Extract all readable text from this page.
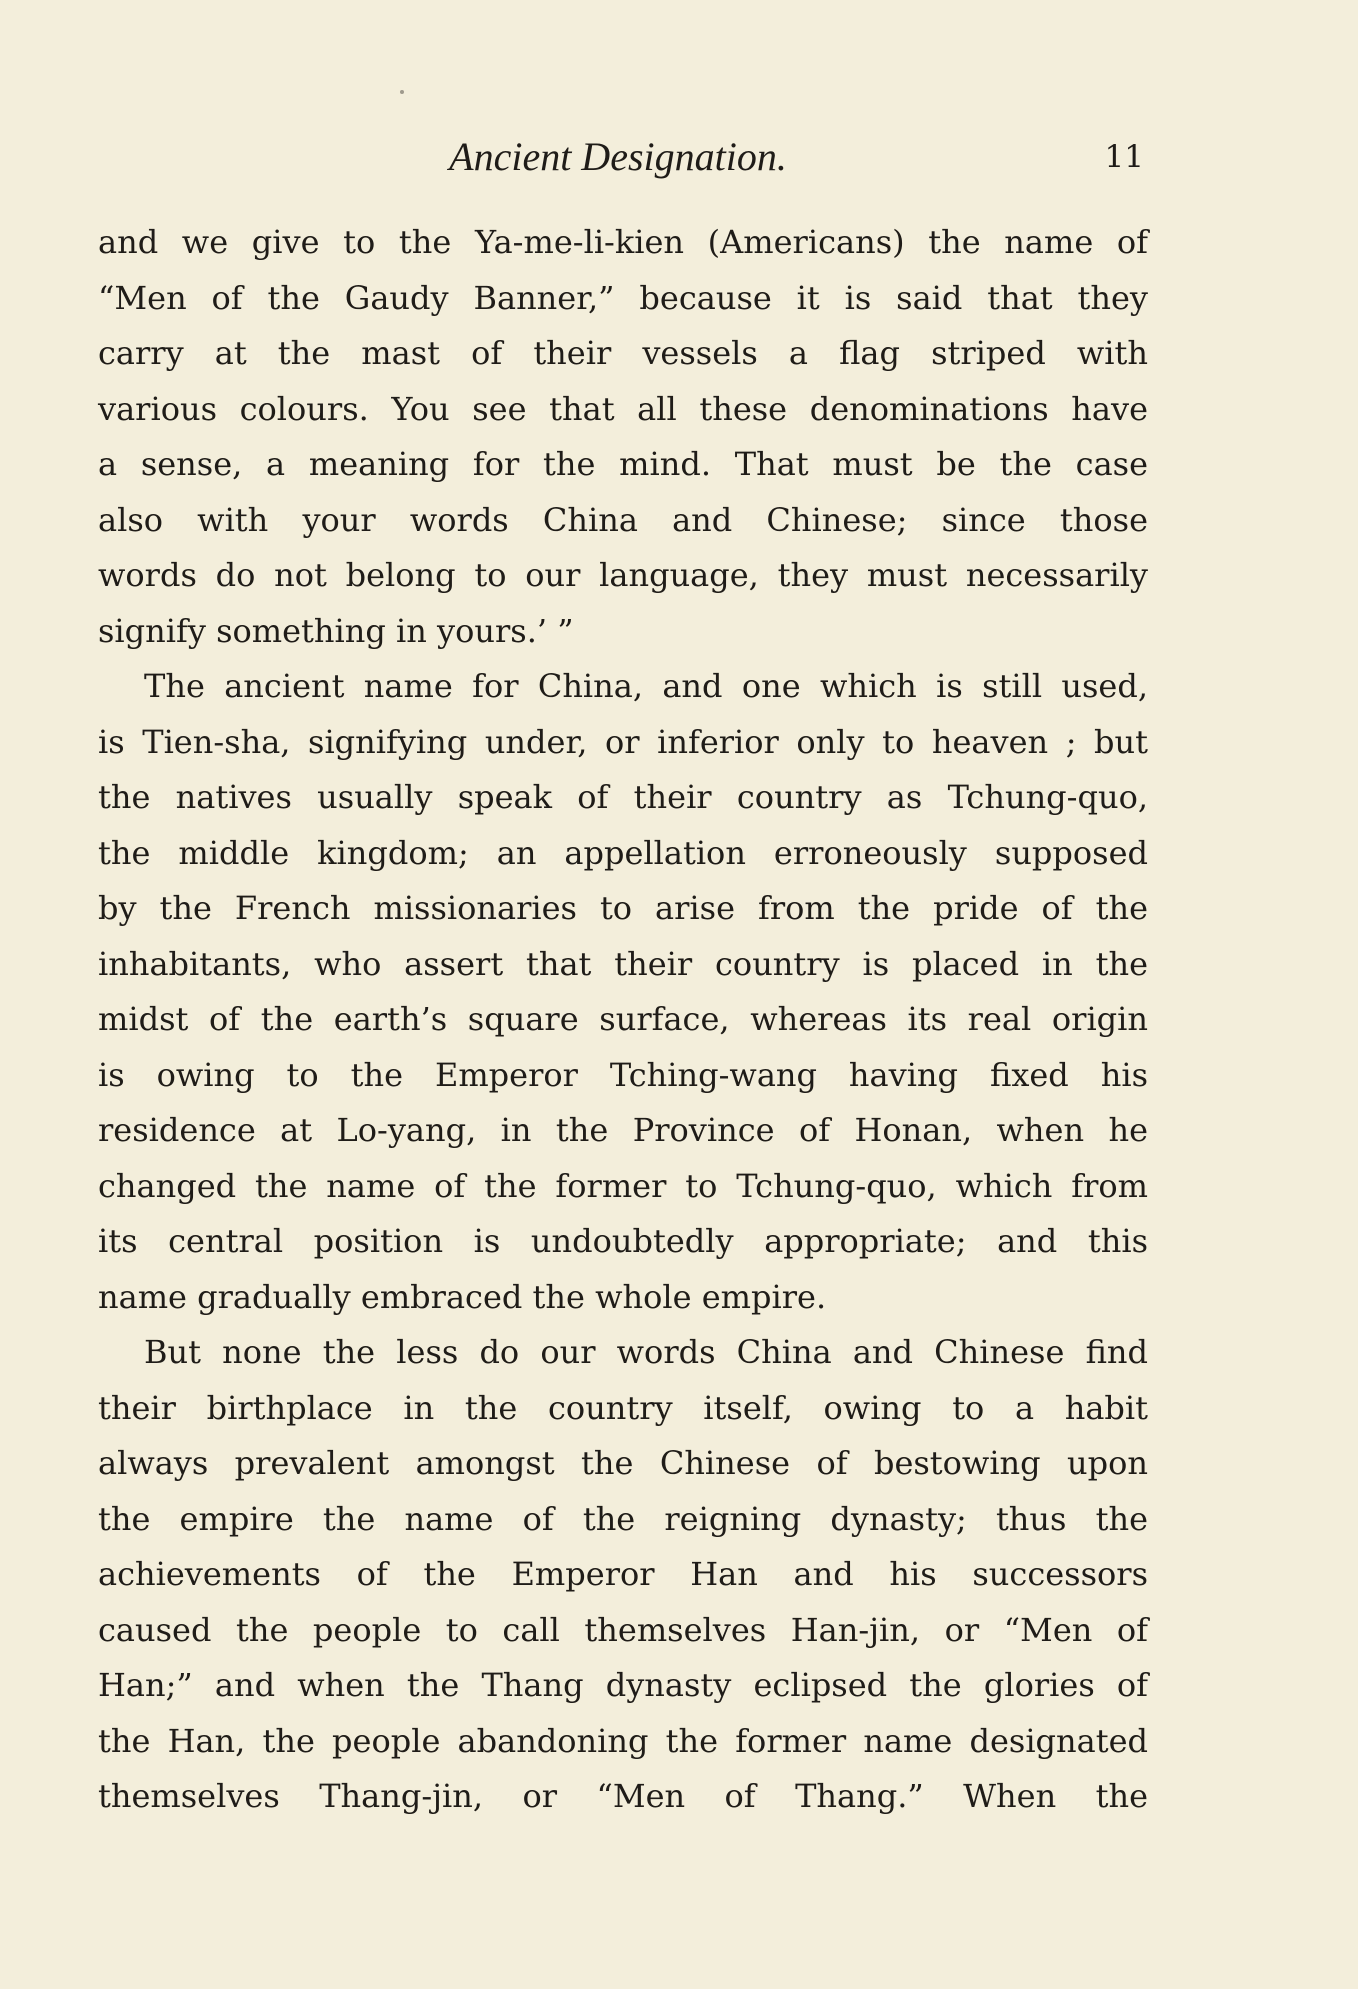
Ancient Designation.	11
and we give to the Ya-me-li-kien (Americans) the name of
“Men of the Gaudy Banner,” because it is said that they
carry at the mast of their vessels a flag striped with
various colours. You see that all these denominations have
a sense, a meaning for the mind. That must be the case
also with your words China and Chinese; since those
words do not belong to our language, they must necessarily
signify something in yours.’ ”
The ancient name for China, and one which is still used,
is Tien-sha, signifying under, or inferior only to heaven ; but
the natives usually speak of their country as Tchung-quo,
the middle kingdom; an appellation erroneously supposed
by the French missionaries to arise from the pride of the
inhabitants, who assert that their country is placed in the
midst of the earth’s square surface, whereas its real origin
is owing to the Emperor Tching-wang having fixed his
residence at Lo-yang, in the Province of Honan, when he
changed the name of the former to Tchung-quo, which from
its central position is undoubtedly appropriate; and this
name gradually embraced the whole empire.
But none the less do our words China and Chinese find
their birthplace in the country itself, owing to a habit
always prevalent amongst the Chinese of bestowing upon
the empire the name of the reigning dynasty; thus the
achievements of the Emperor Han and his successors
caused the people to call themselves Han-jin, or “Men of
Han;” and when the Thang dynasty eclipsed the glories of
the Han, the people abandoning the former name designated
themselves Thang-jin, or “Men of Thang.” When the
